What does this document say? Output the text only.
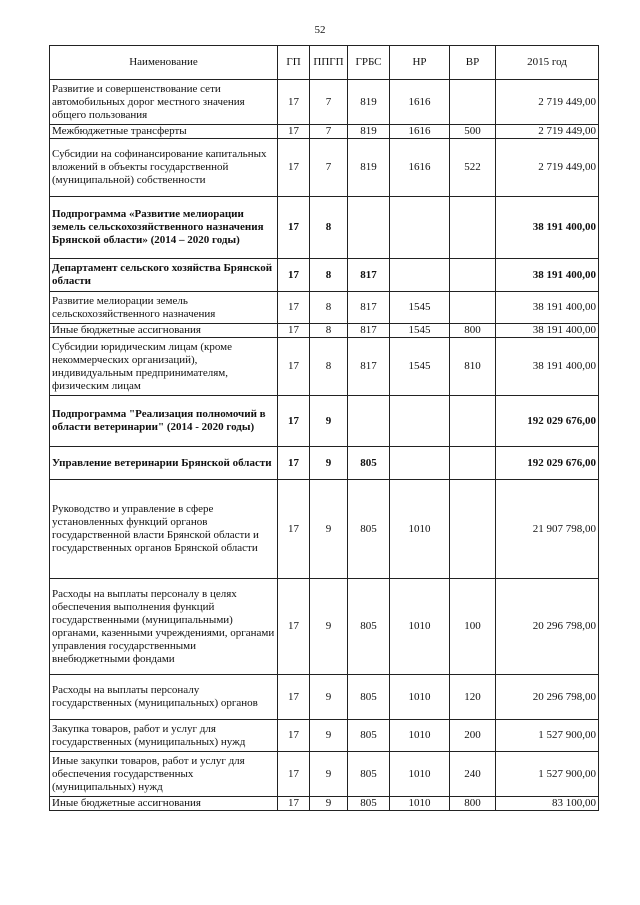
52
Наименование	ГП	ППГП	ГРБС	НР	ВР	2015 год
Развитие и совершенствование сети автомобильных дорог местного значения общего пользования	17	7	819	1616		2 719 449,00
Межбюджетные трансферты	17	7	819	1616	500	2 719 449,00
Субсидии на софинансирование капитальных вложений в объекты государственной (муниципальной) собственности	17	7	819	1616	522	2 719 449,00
Подпрограмма «Развитие мелиорации земель сельскохозяйственного назначения Брянской области» (2014 – 2020 годы)	17	8				38 191 400,00
Департамент сельского хозяйства Брянской области	17	8	817			38 191 400,00
Развитие мелиорации земель сельскохозяйственного назначения	17	8	817	1545		38 191 400,00
Иные бюджетные ассигнования	17	8	817	1545	800	38 191 400,00
Субсидии юридическим лицам (кроме некоммерческих организаций), индивидуальным предпринимателям, физическим лицам	17	8	817	1545	810	38 191 400,00
Подпрограмма "Реализация полномочий в области ветеринарии" (2014 - 2020 годы)	17	9				192 029 676,00
Управление ветеринарии Брянской области	17	9	805			192 029 676,00
Руководство и управление в сфере установленных функций органов государственной власти Брянской области и государственных органов Брянской области	17	9	805	1010		21 907 798,00
Расходы на выплаты персоналу в целях обеспечения выполнения функций государственными (муниципальными) органами, казенными учреждениями, органами управления государственными внебюджетными фондами	17	9	805	1010	100	20 296 798,00
Расходы на выплаты персоналу государственных (муниципальных) органов	17	9	805	1010	120	20 296 798,00
Закупка товаров, работ и услуг для государственных (муниципальных) нужд	17	9	805	1010	200	1 527 900,00
Иные закупки товаров, работ и услуг для обеспечения государственных (муниципальных) нужд	17	9	805	1010	240	1 527 900,00
Иные бюджетные ассигнования	17	9	805	1010	800	83 100,00
